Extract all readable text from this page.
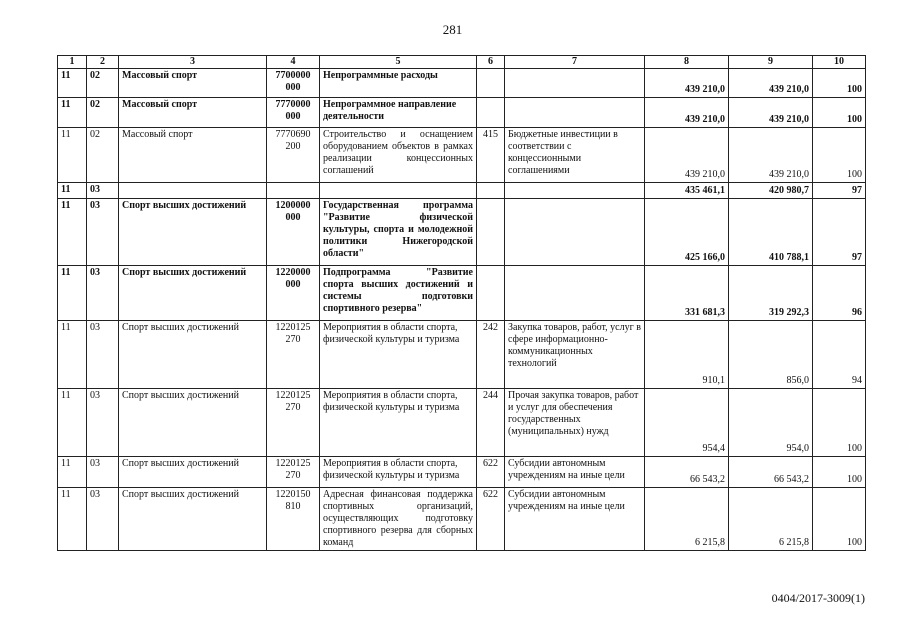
281
1	2	3	4	5	6	7	8	9	10
11	02	Массовый спорт	7700000 000	Непрограммные расходы			439 210,0	439 210,0	100
11	02	Массовый спорт	7770000 000	Непрограммное направление деятельности			439 210,0	439 210,0	100
11	02	Массовый спорт	7770690 200	Строительство и оснащением оборудованием объектов в рамках реализации концессионных соглашений	415	Бюджетные инвестиции в соответствии с концессионными соглашениями	439 210,0	439 210,0	100
11	03						435 461,1	420 980,7	97
11	03	Спорт высших достижений	1200000 000	Государственная программа "Развитие физической культуры, спорта и молодежной политики Нижегородской области"			425 166,0	410 788,1	97
11	03	Спорт высших достижений	1220000 000	Подпрограмма "Развитие спорта высших достижений и системы подготовки спортивного резерва"			331 681,3	319 292,3	96
11	03	Спорт высших достижений	1220125 270	Мероприятия в области спорта, физической культуры и туризма	242	Закупка товаров, работ, услуг в сфере информационно-коммуникационных технологий	910,1	856,0	94
11	03	Спорт высших достижений	1220125 270	Мероприятия в области спорта, физической культуры и туризма	244	Прочая закупка товаров, работ и услуг для обеспечения государственных (муниципальных) нужд	954,4	954,0	100
11	03	Спорт высших достижений	1220125 270	Мероприятия в области спорта, физической культуры и туризма	622	Субсидии автономным учреждениям на иные цели	66 543,2	66 543,2	100
11	03	Спорт высших достижений	1220150 810	Адресная финансовая поддержка спортивных организаций, осуществляющих подготовку спортивного резерва для сборных команд	622	Субсидии автономным учреждениям на иные цели	6 215,8	6 215,8	100
0404/2017-3009(1)
